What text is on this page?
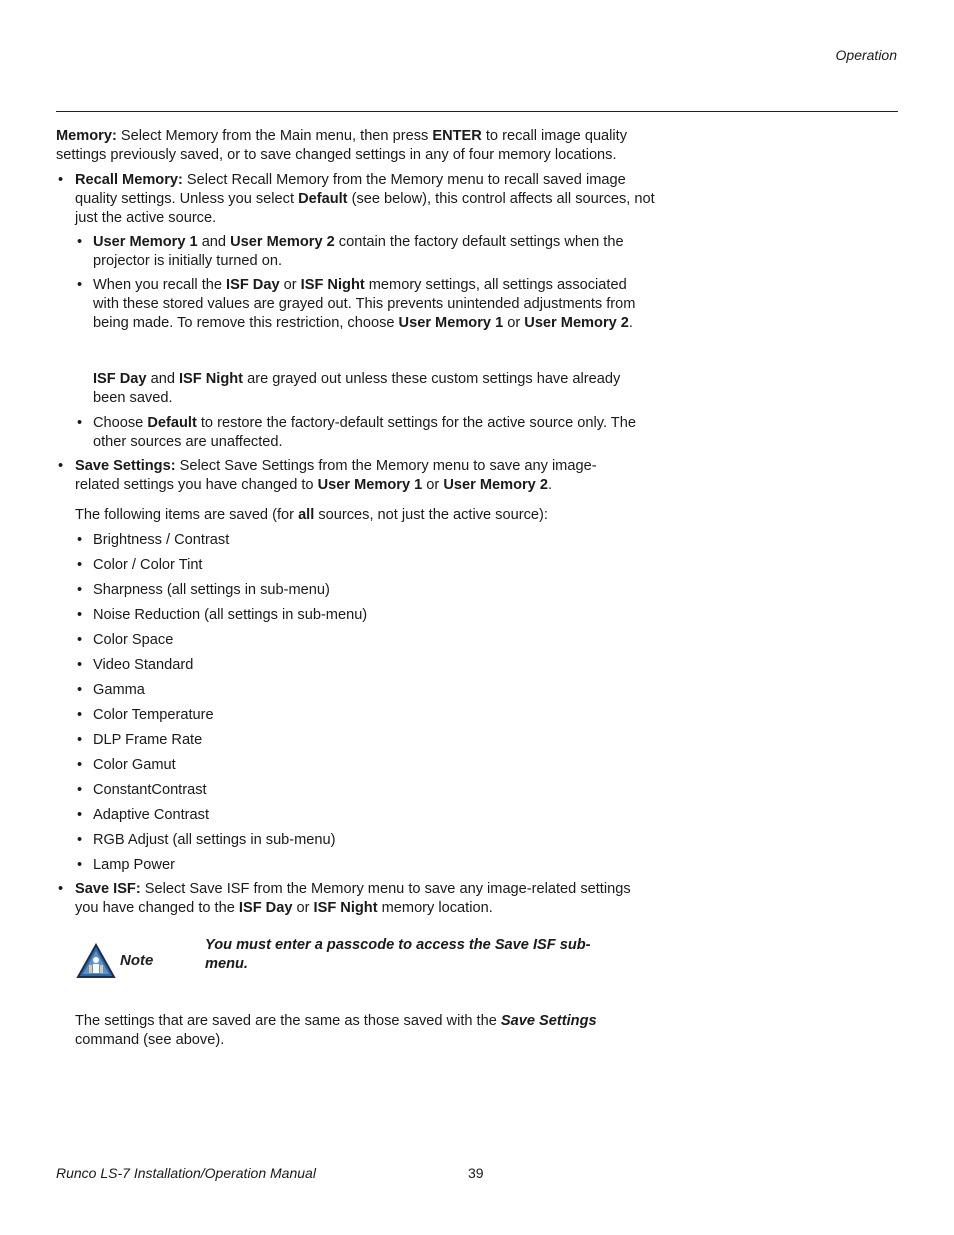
Operation

Memory: Select Memory from the Main menu, then press ENTER to recall image quality settings previously saved, or to save changed settings in any of four memory locations.

•

Recall Memory: Select Recall Memory from the Memory menu to recall saved image quality settings. Unless you select Default (see below), this control affects all sources, not just the active source.

•

User Memory 1 and User Memory 2 contain the factory default settings when the projector is initially turned on.

•

When you recall the ISF Day or ISF Night memory settings, all settings associated with these stored values are grayed out. This prevents unintended adjustments from being made. To remove this restriction, choose User Memory 1 or User Memory 2.

ISF Day and ISF Night are grayed out unless these custom settings have already been saved.

•

Choose Default to restore the factory-default settings for the active source only. The other sources are unaffected.

•

Save Settings: Select Save Settings from the Memory menu to save any image-related settings you have changed to User Memory 1 or User Memory 2.

The following items are saved (for all sources, not just the active source):

•

Brightness / Contrast

•

Color / Color Tint

•

Sharpness (all settings in sub-menu)

•

Noise Reduction (all settings in sub-menu)

•

Color Space

•

Video Standard

•

Gamma

•

Color Temperature

•

DLP Frame Rate

•

Color Gamut

•

ConstantContrast

•

Adaptive Contrast

•

RGB Adjust (all settings in sub-menu)

•

Lamp Power

•

Save ISF: Select Save ISF from the Memory menu to save any image-related settings you have changed to the ISF Day or ISF Night memory location.

Note
You must enter a passcode to access the Save ISF sub-menu.

The settings that are saved are the same as those saved with the Save Settings command (see above).

Runco LS-7 Installation/Operation Manual	39
